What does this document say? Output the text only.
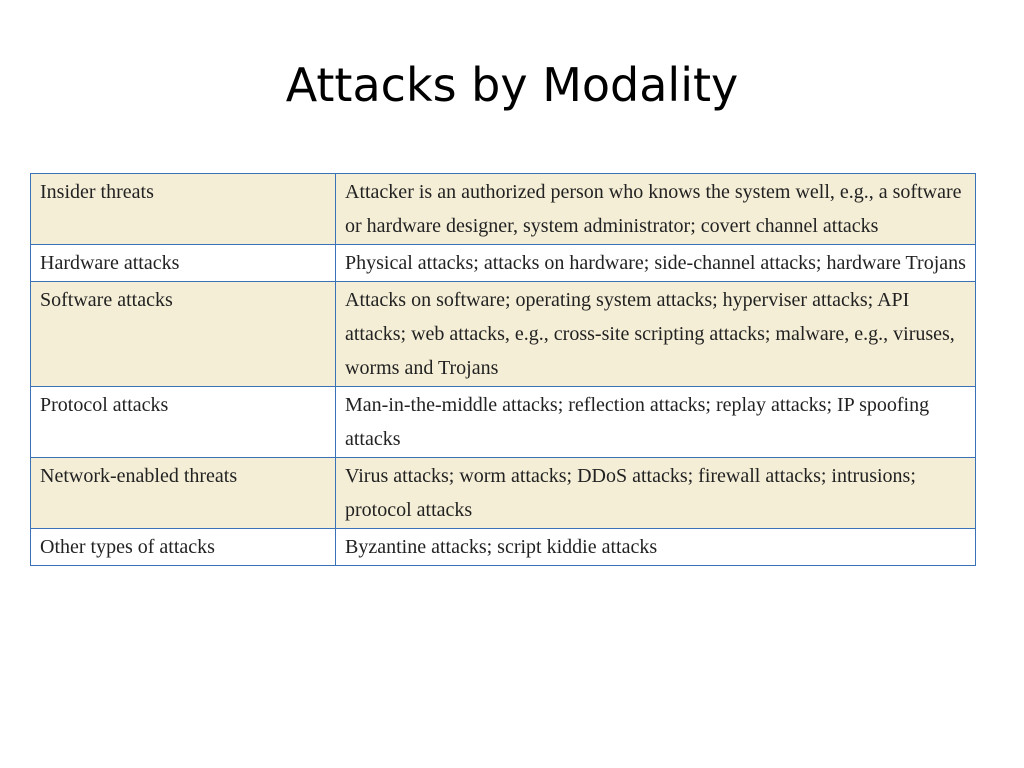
Attacks by Modality
Insider threats	Attacker is an authorized person who knows the system well, e.g., a software or hardware designer, system administrator; covert channel attacks
Hardware attacks	Physical attacks; attacks on hardware; side-channel attacks; hardware Trojans
Software attacks	Attacks on software; operating system attacks; hyperviser attacks; API attacks; web attacks, e.g., cross-site scripting attacks; malware, e.g., viruses, worms and Trojans
Protocol attacks	Man-in-the-middle attacks; reflection attacks; replay attacks; IP spoofing attacks
Network-enabled threats	Virus attacks; worm attacks; DDoS attacks; firewall attacks; intrusions; protocol attacks
Other types of attacks	Byzantine attacks; script kiddie attacks
